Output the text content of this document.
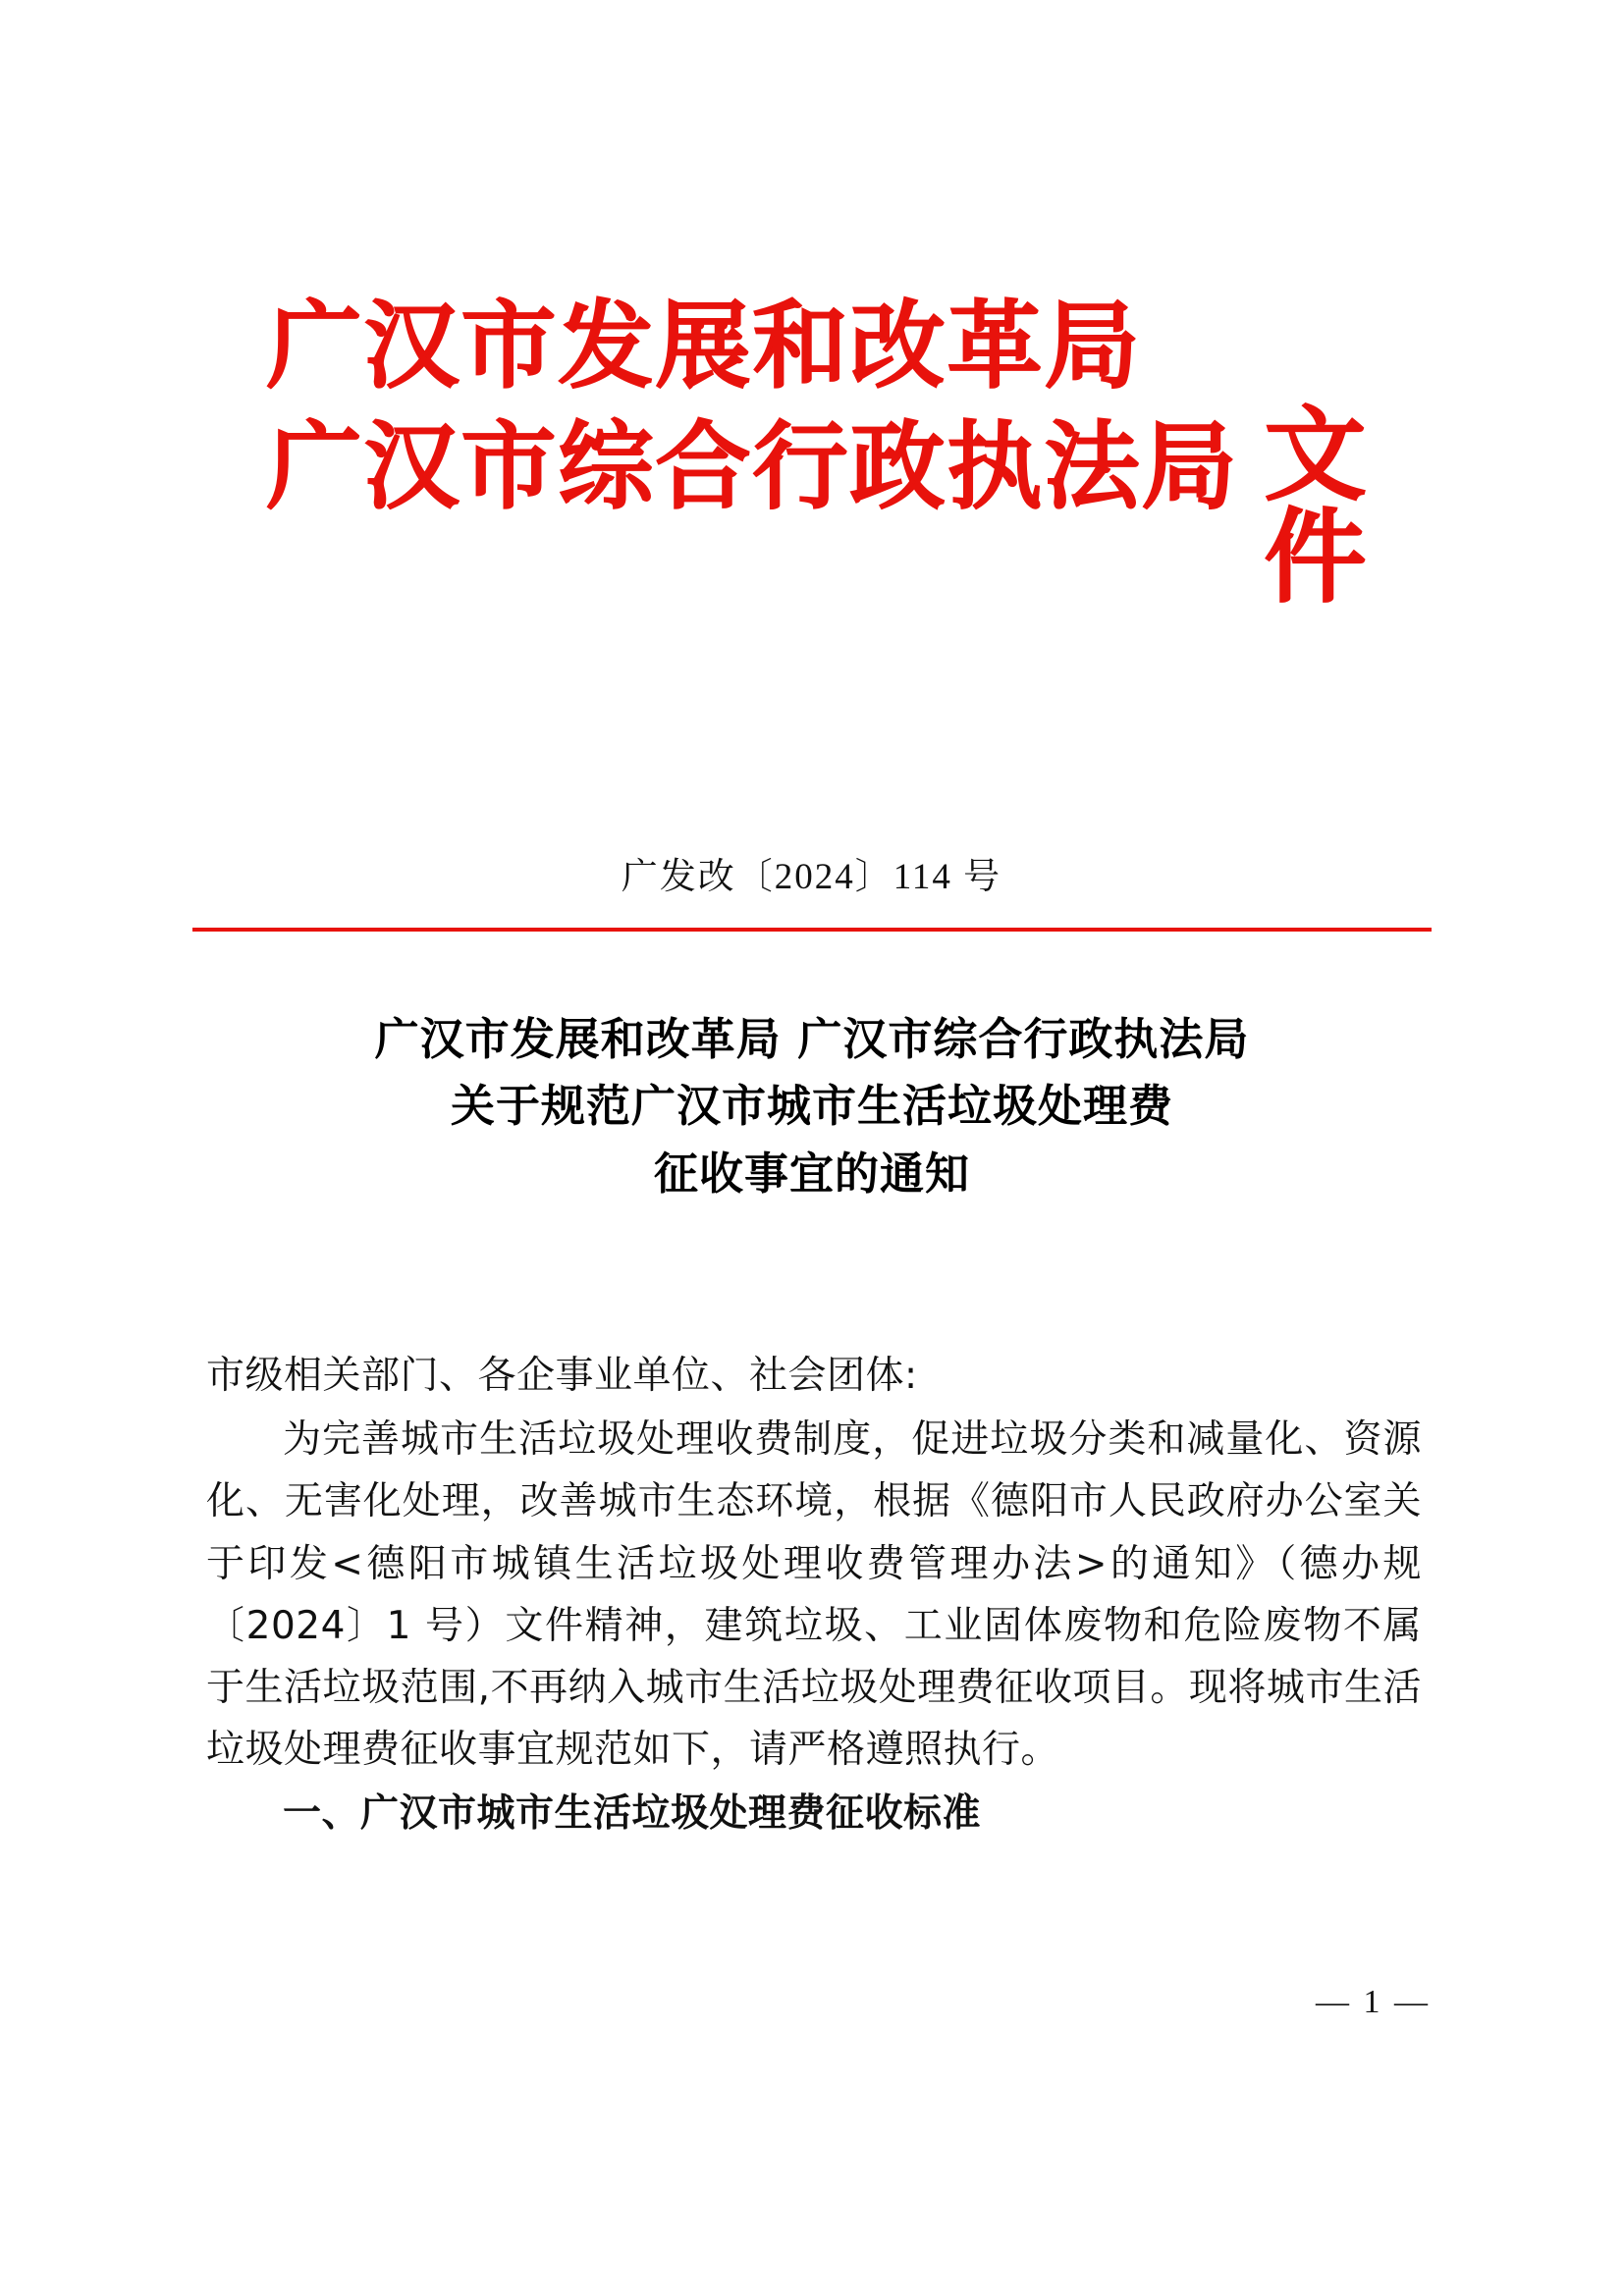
广汉市发展和改革局
广汉市综合行政执法局 文件
广发改〔2024〕114 号
广汉市发展和改革局 广汉市综合行政执法局
关于规范广汉市城市生活垃圾处理费
征收事宜的通知

市级相关部门、各企事业单位、社会团体:

为完善城市生活垃圾处理收费制度，促进垃圾分类和减量化、资源化、无害化处理，改善城市生态环境，根据《德阳市人民政府办公室关于印发<德阳市城镇生活垃圾处理收费管理办法>的通知》（德办规〔2024〕1 号）文件精神，建筑垃圾、工业固体废物和危险废物不属于生活垃圾范围,不再纳入城市生活垃圾处理费征收项目。现将城市生活垃圾处理费征收事宜规范如下，请严格遵照执行。

一、广汉市城市生活垃圾处理费征收标准

— 1 —
